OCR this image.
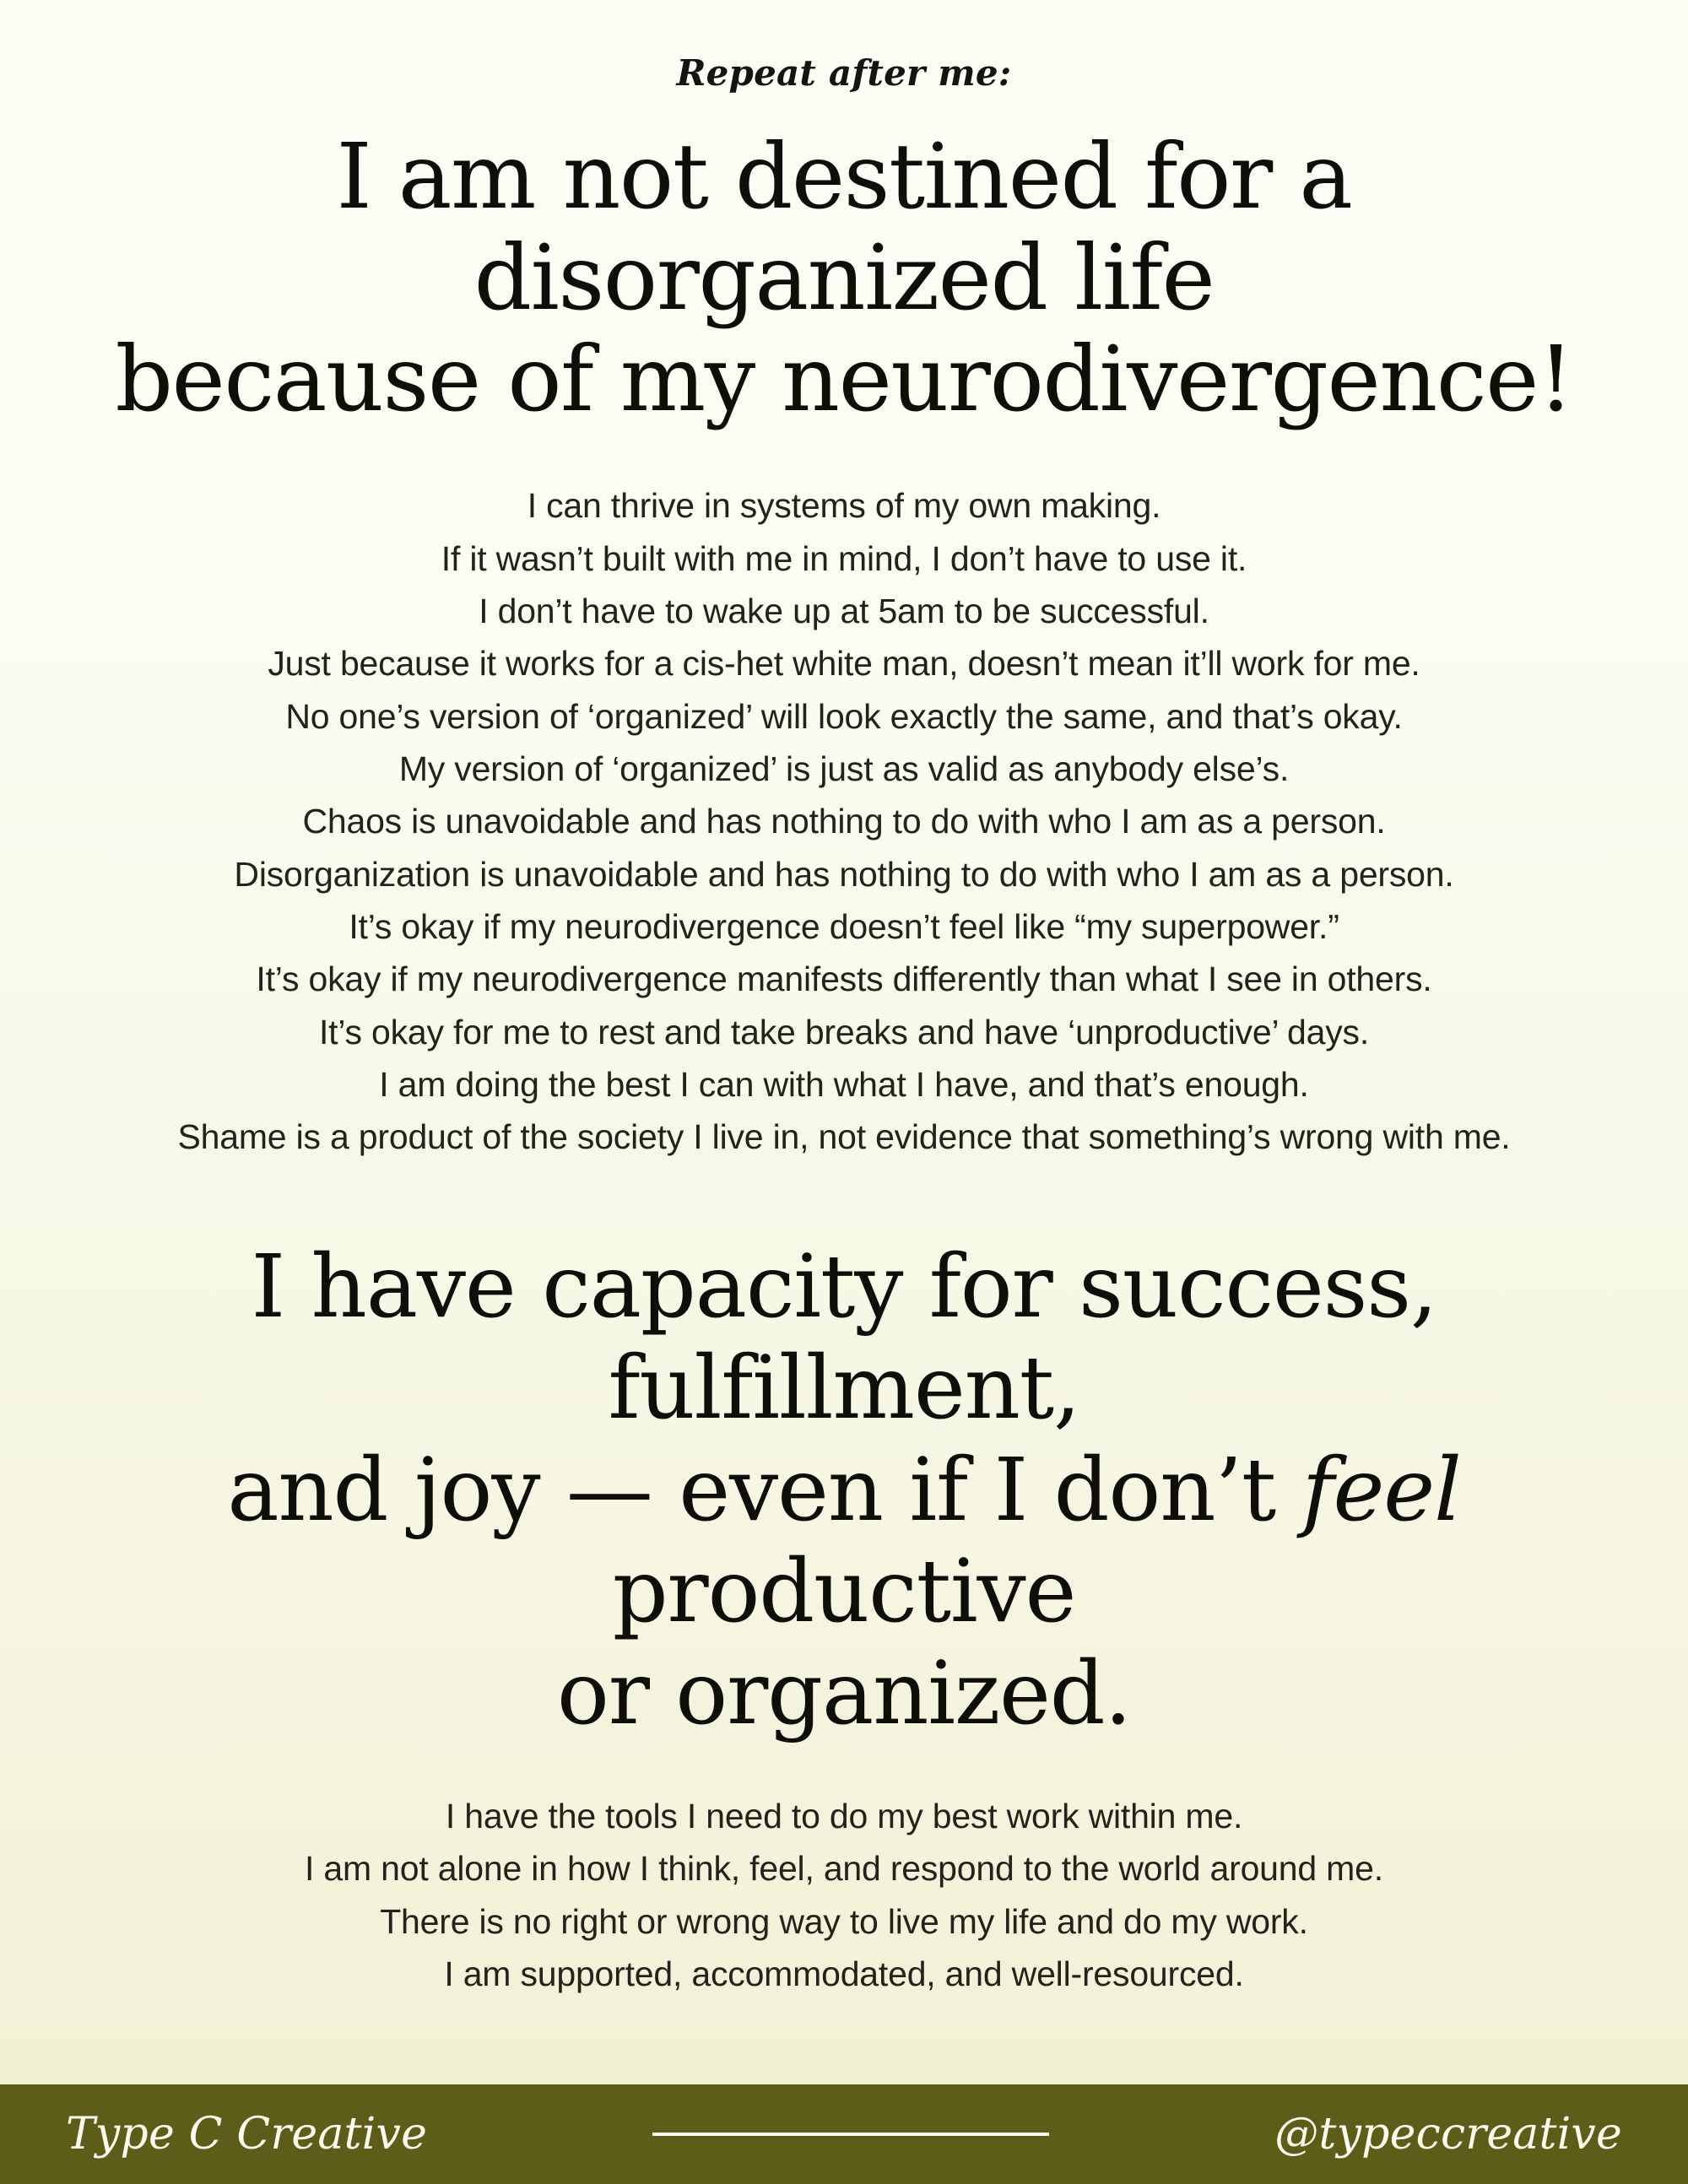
Repeat after me:
I am not destined for a disorganized life
because of my neurodivergence!
I can thrive in systems of my own making.
If it wasn’t built with me in mind, I don’t have to use it.
I don’t have to wake up at 5am to be successful.
Just because it works for a cis-het white man, doesn’t mean it’ll work for me.
No one’s version of ‘organized’ will look exactly the same, and that’s okay.
My version of ‘organized’ is just as valid as anybody else’s.
Chaos is unavoidable and has nothing to do with who I am as a person.
Disorganization is unavoidable and has nothing to do with who I am as a person.
It’s okay if my neurodivergence doesn’t feel like “my superpower.”
It’s okay if my neurodivergence manifests differently than what I see in others.
It’s okay for me to rest and take breaks and have ‘unproductive’ days.
I am doing the best I can with what I have, and that’s enough.
Shame is a product of the society I live in, not evidence that something’s wrong with me.
I have capacity for success, fulfillment,
and joy — even if I don’t feel productive
or organized.
I have the tools I need to do my best work within me.
I am not alone in how I think, feel, and respond to the world around me.
There is no right or wrong way to live my life and do my work.
I am supported, accommodated, and well-resourced.
Type C Creative	@typeccreative
